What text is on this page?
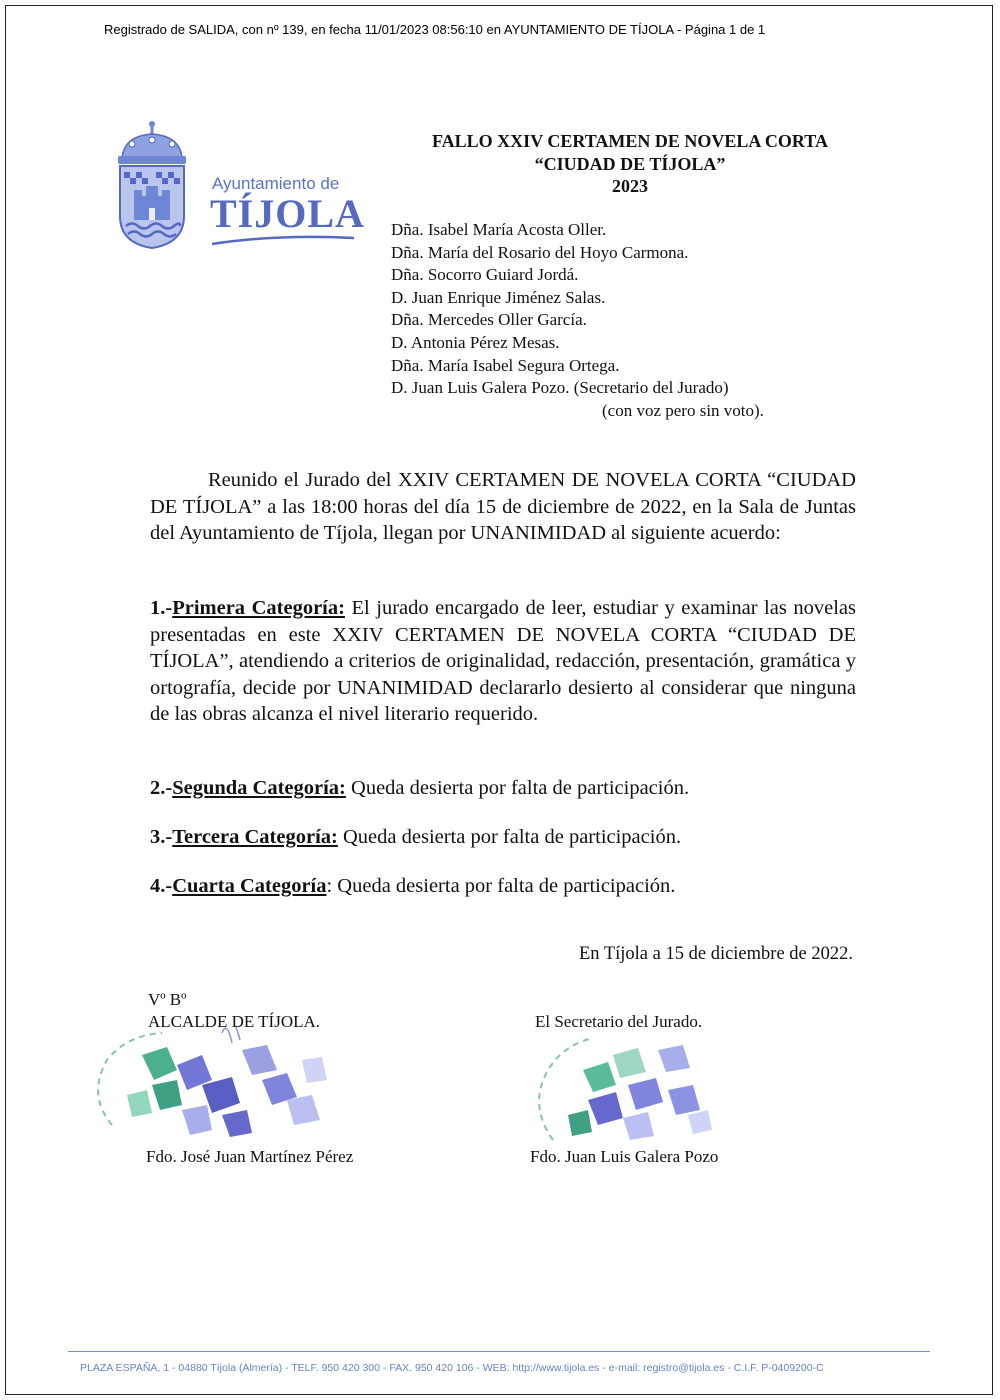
Registrado de SALIDA, con nº 139, en fecha 11/01/2023 08:56:10 en AYUNTAMIENTO DE TÍJOLA - Página 1 de 1
Ayuntamiento de
TÍJOLA
FALLO XXIV CERTAMEN DE NOVELA CORTA
“CIUDAD DE TÍJOLA”
2023
Dña. Isabel María Acosta Oller.
Dña. María del Rosario del Hoyo Carmona.
Dña. Socorro Guiard Jordá.
D. Juan Enrique Jiménez Salas.
Dña. Mercedes Oller García.
D. Antonia Pérez Mesas.
Dña. María Isabel Segura Ortega.
D. Juan Luis Galera Pozo. (Secretario del Jurado)
(con voz pero sin voto).

Reunido el Jurado del XXIV CERTAMEN DE NOVELA CORTA “CIUDAD DE TÍJOLA” a las 18:00 horas del día 15 de diciembre de 2022, en la Sala de Juntas del Ayuntamiento de Tíjola, llegan por UNANIMIDAD al siguiente acuerdo:

1.-Primera Categoría: El jurado encargado de leer, estudiar y examinar las novelas presentadas en este XXIV CERTAMEN DE NOVELA CORTA “CIUDAD DE TÍJOLA”, atendiendo a criterios de originalidad, redacción, presentación, gramática y ortografía, decide por UNANIMIDAD declararlo desierto al considerar que ninguna de las obras alcanza el nivel literario requerido.

2.-Segunda Categoría: Queda desierta por falta de participación.
3.-Tercera Categoría: Queda desierta por falta de participación.
4.-Cuarta Categoría: Queda desierta por falta de participación.
En Tíjola a 15 de diciembre de 2022.
Vº Bº
ALCALDE DE TÍJOLA.
Fdo. José Juan Martínez Pérez
El Secretario del Jurado.
Fdo. Juan Luis Galera Pozo
PLAZA ESPAÑA, 1 - 04880 Tíjola (Almería) - TELF. 950 420 300 - FAX. 950 420 106 - WEB: http://www.tijola.es - e-mail: registro@tijola.es - C.I.F. P-0409200-C
